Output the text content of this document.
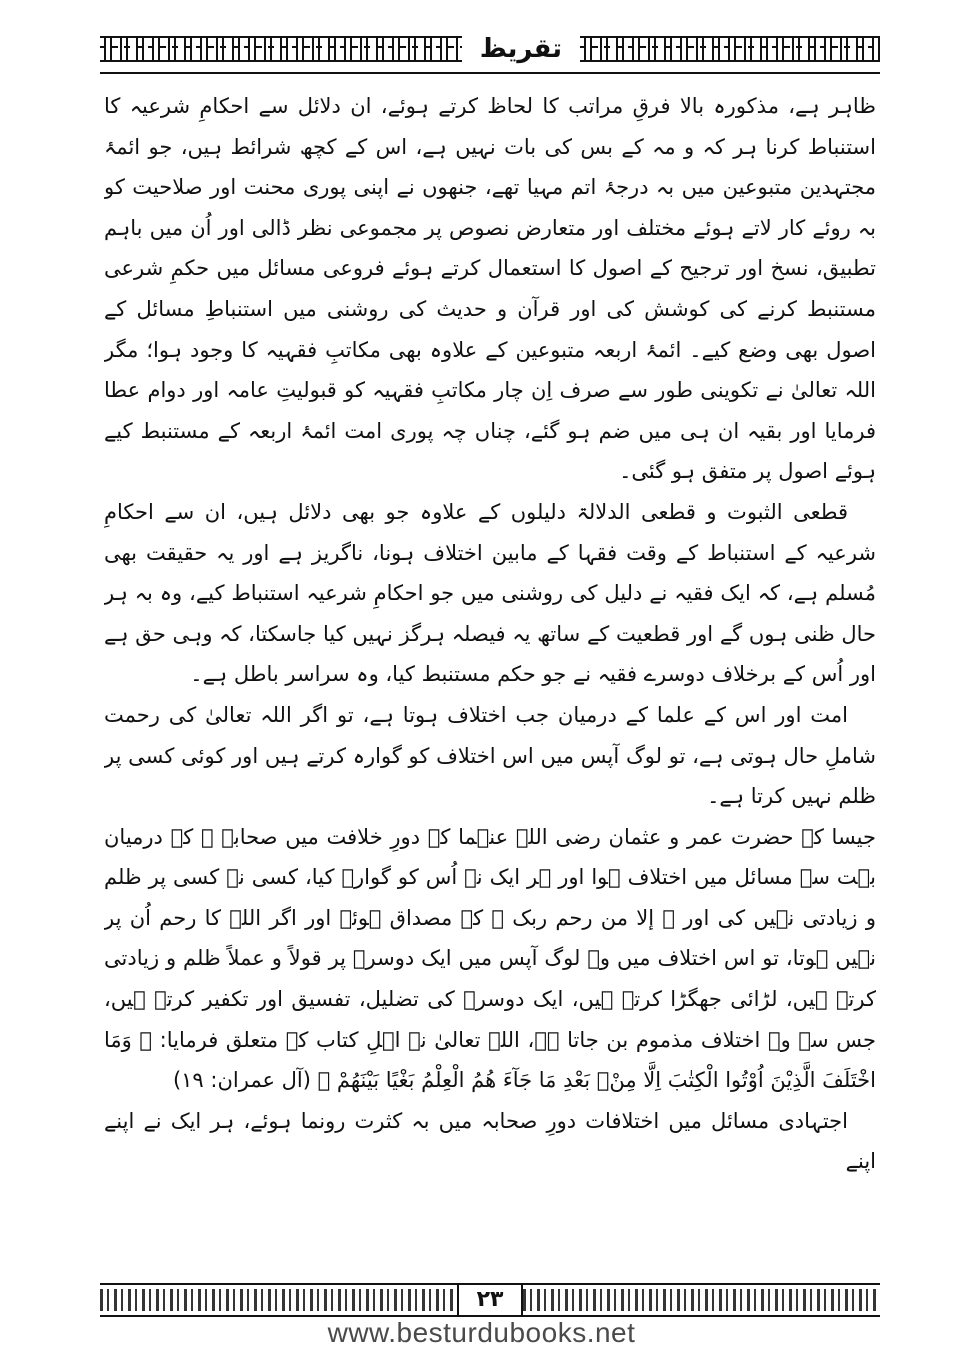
تقریظ

ظاہر ہے، مذکورہ بالا فرقِ مراتب کا لحاظ کرتے ہوئے، ان دلائل سے احکامِ شرعیہ کا استنباط کرنا ہر کہ و مہ کے بس کی بات نہیں ہے، اس کے کچھ شرائط ہیں، جو ائمۂ مجتہدین متبوعین میں بہ درجۂ اتم مہیا تھے، جنھوں نے اپنی پوری محنت اور صلاحیت کو بہ روئے کار لاتے ہوئے مختلف اور متعارض نصوص پر مجموعی نظر ڈالی اور اُن میں باہم تطبیق، نسخ اور ترجیح کے اصول کا استعمال کرتے ہوئے فروعی مسائل میں حکمِ شرعی مستنبط کرنے کی کوشش کی اور قرآن و حدیث کی روشنی میں استنباطِ مسائل کے اصول بھی وضع کیے۔ ائمۂ اربعہ متبوعین کے علاوہ بھی مکاتبِ فقہیہ کا وجود ہوا؛ مگر اللہ تعالیٰ نے تکوینی طور سے صرف اِن چار مکاتبِ فقہیہ کو قبولیتِ عامہ اور دوام عطا فرمایا اور بقیہ ان ہی میں ضم ہو گئے، چناں چہ پوری امت ائمۂ اربعہ کے مستنبط کیے ہوئے اصول پر متفق ہو گئی۔

قطعی الثبوت و قطعی الدلالۃ دلیلوں کے علاوہ جو بھی دلائل ہیں، ان سے احکامِ شرعیہ کے استنباط کے وقت فقہا کے مابین اختلاف ہونا، ناگریز ہے اور یہ حقیقت بھی مُسلم ہے، کہ ایک فقیہ نے دلیل کی روشنی میں جو احکامِ شرعیہ استنباط کیے، وہ بہ ہر حال ظنی ہوں گے اور قطعیت کے ساتھ یہ فیصلہ ہرگز نہیں کیا جاسکتا، کہ وہی حق ہے اور اُس کے برخلاف دوسرے فقیہ نے جو حکم مستنبط کیا، وہ سراسر باطل ہے۔

امت اور اس کے علما کے درمیان جب اختلاف ہوتا ہے، تو اگر اللہ تعالیٰ کی رحمت شاملِ حال ہوتی ہے، تو لوگ آپس میں اس اختلاف کو گوارہ کرتے ہیں اور کوئی کسی پر ظلم نہیں کرتا ہے۔

جیسا کہ حضرت عمر و عثمان رضی اللہ عنہما کے دورِ خلافت میں صحابہ ﷺ کے درمیان بہت سے مسائل میں اختلاف ہوا اور ہر ایک نے اُس کو گوارہ کیا، کسی نے کسی پر ظلم و زیادتی نہیں کی اور ﴿ إلا من رحم ربک ﴾ کے مصداق ہوئے اور اگر اللہ کا رحم اُن پر نہیں ہوتا، تو اس اختلاف میں وہ لوگ آپس میں ایک دوسرے پر قولاً و عملاً ظلم و زیادتی کرتے ہیں، لڑائی جھگڑا کرتے ہیں، ایک دوسرے کی تضلیل، تفسیق اور تکفیر کرتے ہیں، جس سے وہ اختلاف مذموم بن جاتا ہے، اللہ تعالیٰ نے اہلِ کتاب کے متعلق فرمایا: ﴿ وَمَا اخْتَلَفَ الَّذِیْنَ اُوْتُوا الْکِتٰبَ اِلَّا مِنْۢ بَعْدِ مَا جَآءَ ھُمُ الْعِلْمُ بَغْیًا بَیْنَھُمْ ﴾ (آل عمران: ۱۹)

اجتہادی مسائل میں اختلافات دورِ صحابہ میں بہ کثرت رونما ہوئے، ہر ایک نے اپنے اپنے

۲۳
www.besturdubooks.net
